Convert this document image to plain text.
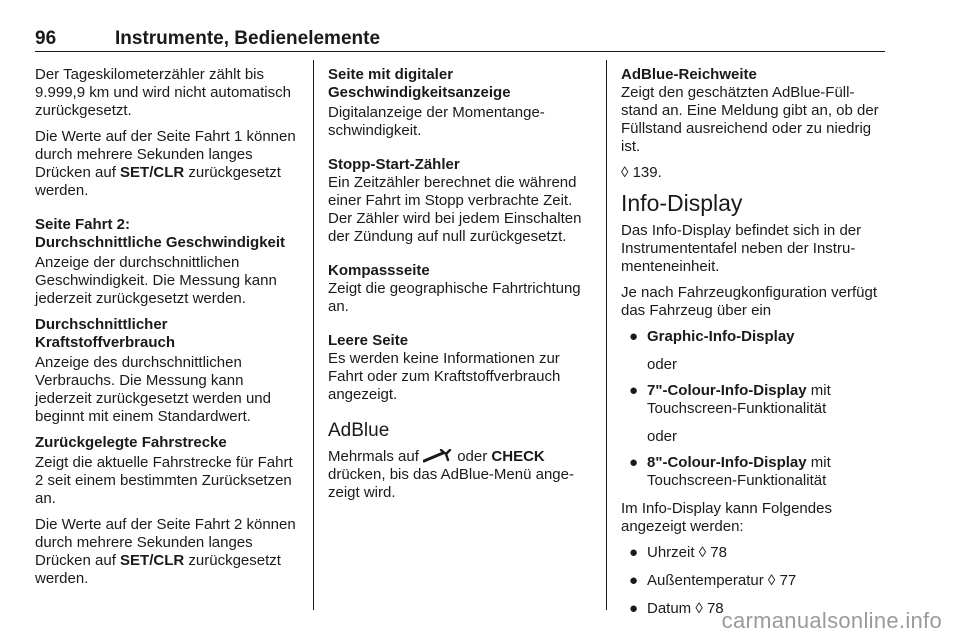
96	Instrumente, Bedienelemente

Der Tageskilometerzähler zählt bis 9.999,9 km und wird nicht automatisch zurückgesetzt.

Die Werte auf der Seite Fahrt 1 können durch mehrere Sekunden langes Drücken auf SET/CLR zurückgesetzt werden.

Seite Fahrt 2:
Durchschnittliche Geschwindigkeit

Anzeige der durchschnittlichen Geschwindigkeit. Die Messung kann jederzeit zurückgesetzt werden.

Durchschnittlicher
Kraftstoffverbrauch

Anzeige des durchschnittlichen Verbrauchs. Die Messung kann jederzeit zurückgesetzt werden und beginnt mit einem Standardwert.

Zurückgelegte Fahrstrecke

Zeigt die aktuelle Fahrstrecke für Fahrt 2 seit einem bestimmten Zurücksetzen an.

Die Werte auf der Seite Fahrt 2 können durch mehrere Sekunden langes Drücken auf SET/CLR zurückgesetzt werden.

Seite mit digitaler
Geschwindigkeitsanzeige

Digitalanzeige der Momentangeschwindigkeit.

Stopp-Start-Zähler

Ein Zeitzähler berechnet die während einer Fahrt im Stopp verbrachte Zeit. Der Zähler wird bei jedem Einschalten der Zündung auf null zurückgesetzt.

Kompassseite

Zeigt die geographische Fahrtrichtung an.

Leere Seite

Es werden keine Informationen zur Fahrt oder zum Kraftstoffverbrauch angezeigt.

AdBlue

Mehrmals auf  oder CHECK drücken, bis das AdBlue-Menü angezeigt wird.

AdBlue-Reichweite

Zeigt den geschätzten AdBlue-Füllstand an. Eine Meldung gibt an, ob der Füllstand ausreichend oder zu niedrig ist.

◊ 139.

Info-Display

Das Info-Display befindet sich in der Instrumententafel neben der Instrumenteneinheit.

Je nach Fahrzeugkonfiguration verfügt das Fahrzeug über ein

● Graphic-Info-Display

oder

● 7"-Colour-Info-Display mit Touchscreen-Funktionalität

oder

● 8"-Colour-Info-Display mit Touchscreen-Funktionalität

Im Info-Display kann Folgendes angezeigt werden:

● Uhrzeit ◊ 78
● Außentemperatur ◊ 77
● Datum ◊ 78
carmanualsonline.info
